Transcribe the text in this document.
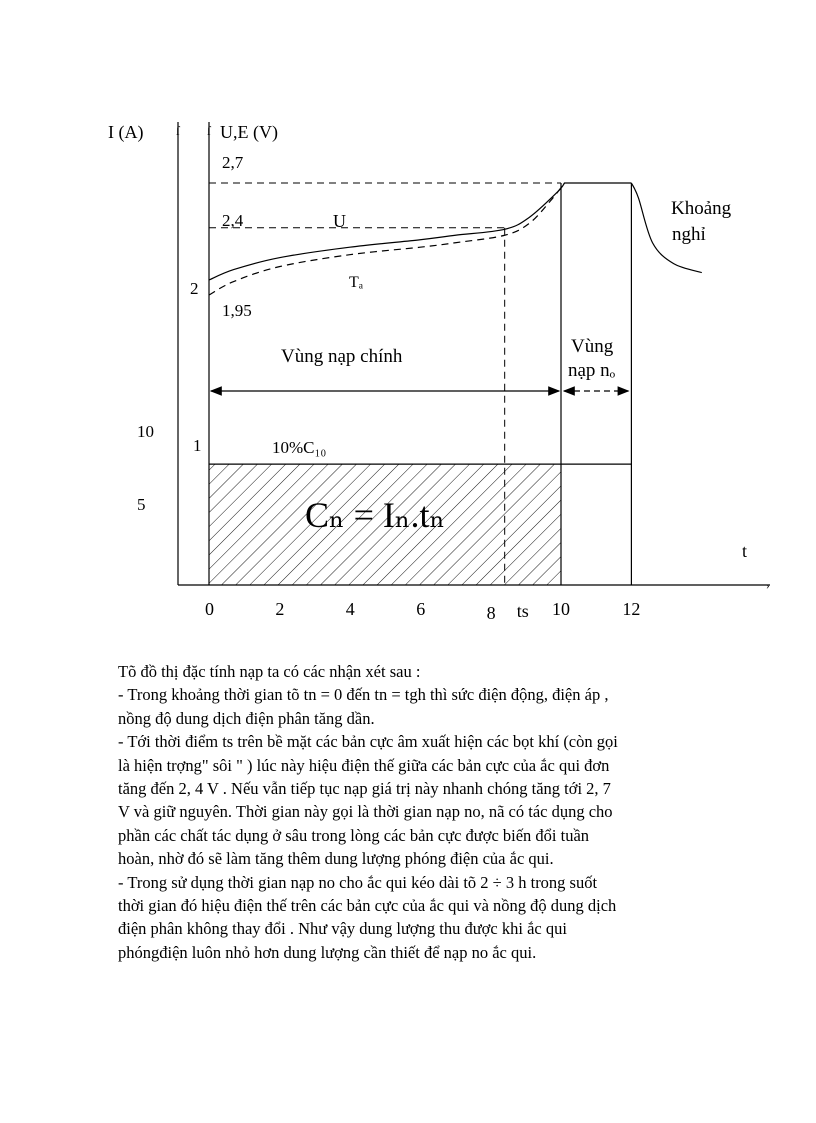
ſ ſ
›
I (A)	U,E (V)
t
2,7
2,4
2
1,95
10
5
1
0	2	4	6	8 ts 10	12
U
Tₐ
Vùng nạp chính	Vùng
nạp nₒ
Khoảng
nghỉ
10%C₁₀
Cₙ = Iₙ.tₙ

Tõ đồ thị đặc tính nạp ta có các nhận xét sau :

- Trong khoảng thời gian tõ tn = 0 đến tn = tgh thì sức điện động, điện áp ,

nồng độ dung dịch điện phân tăng dần.

- Tới thời điểm ts trên bề mặt các bản cực âm xuất hiện các bọt khí (còn gọi

là hiện trợng" sôi " ) lúc này hiệu điện thế giữa các bản cực của ắc qui đơn

tăng đến 2, 4 V . Nếu vẫn tiếp tục nạp giá trị này nhanh chóng tăng tới 2, 7

V và giữ nguyên. Thời gian này gọi là thời gian nạp no, nã có tác dụng cho

phần các chất tác dụng ở sâu trong lòng các bản cực được biến đổi tuần

hoàn, nhờ đó sẽ làm tăng thêm dung lượng phóng điện của ắc qui.

- Trong sử dụng thời gian nạp no cho ắc qui kéo dài tõ 2 ÷ 3 h trong suốt

thời gian đó hiệu điện thế trên các bản cực của ắc qui và nồng độ dung dịch

điện phân không thay đổi . Như vậy dung lượng thu được khi ắc qui

phóngđiện luôn nhỏ hơn dung lượng cần thiết để nạp no ắc qui.
